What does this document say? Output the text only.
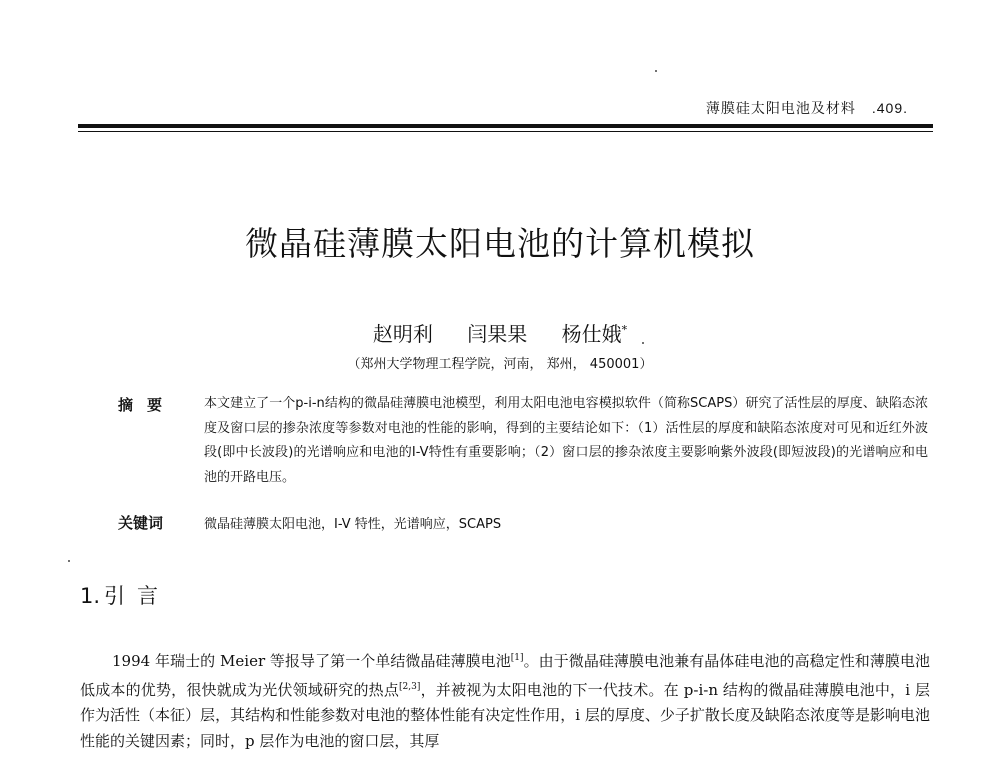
薄膜硅太阳电池及材料 .409.
微晶硅薄膜太阳电池的计算机模拟
赵明利 闫果果 杨仕娥*
（郑州大学物理工程学院，河南， 郑州， 450001）
摘要 本文建立了一个p-i-n结构的微晶硅薄膜电池模型，利用太阳电池电容模拟软件（简称SCAPS）研究了活性层的厚度、缺陷态浓度及窗口层的掺杂浓度等参数对电池的性能的影响，得到的主要结论如下：（1）活性层的厚度和缺陷态浓度对可见和近红外波段(即中长波段)的光谱响应和电池的I-V特性有重要影响；（2）窗口层的掺杂浓度主要影响紫外波段(即短波段)的光谱响应和电池的开路电压。
关键词	微晶硅薄膜太阳电池，I-V 特性，光谱响应，SCAPS
1. 引言
1994 年瑞士的 Meier 等报导了第一个单结微晶硅薄膜电池[1]。由于微晶硅薄膜电池兼有晶体硅电池的高稳定性和薄膜电池低成本的优势，很快就成为光伏领域研究的热点[2,3]，并被视为太阳电池的下一代技术。在 p-i-n 结构的微晶硅薄膜电池中，i 层作为活性（本征）层，其结构和性能参数对电池的整体性能有决定性作用，i 层的厚度、少子扩散长度及缺陷态浓度等是影响电池性能的关键因素；同时，p 层作为电池的窗口层，其厚
